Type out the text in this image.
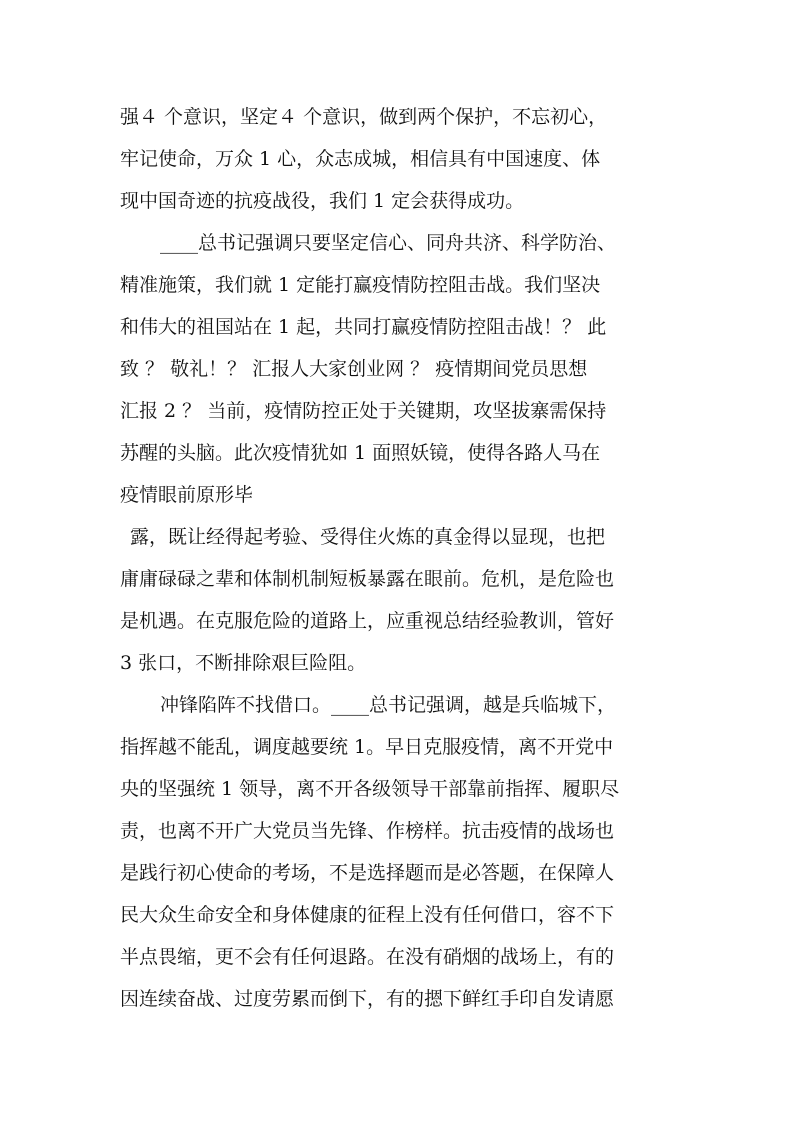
强４ 个意识，坚定４ 个意识，做到两个保护，不忘初心，
牢记使命，万众 1 心，众志成城，相信具有中国速度、体
现中国奇迹的抗疫战役，我们 1 定会获得成功。
____总书记强调只要坚定信心、同舟共济、科学防治、
精准施策，我们就 1 定能打赢疫情防控阻击战。我们坚决
和伟大的祖国站在 1 起，共同打赢疫情防控阻击战！？ 此
致 ？ 敬礼！？ 汇报人大家创业网 ？ 疫情期间党员思想
汇报 2 ？ 当前，疫情防控正处于关键期，攻坚拔寨需保持
苏醒的头脑。此次疫情犹如 1 面照妖镜，使得各路人马在
疫情眼前原形毕
露，既让经得起考验、受得住火炼的真金得以显现，也把
庸庸碌碌之辈和体制机制短板暴露在眼前。危机，是危险也
是机遇。在克服危险的道路上，应重视总结经验教训，管好
3 张口，不断排除艰巨险阻。
冲锋陷阵不找借口。____总书记强调，越是兵临城下，
指挥越不能乱，调度越要统 1。早日克服疫情，离不开党中
央的坚强统 1 领导，离不开各级领导干部靠前指挥、履职尽
责，也离不开广大党员当先锋、作榜样。抗击疫情的战场也
是践行初心使命的考场，不是选择题而是必答题，在保障人
民大众生命安全和身体健康的征程上没有任何借口，容不下
半点畏缩，更不会有任何退路。在没有硝烟的战场上，有的
因连续奋战、过度劳累而倒下，有的摁下鲜红手印自发请愿
